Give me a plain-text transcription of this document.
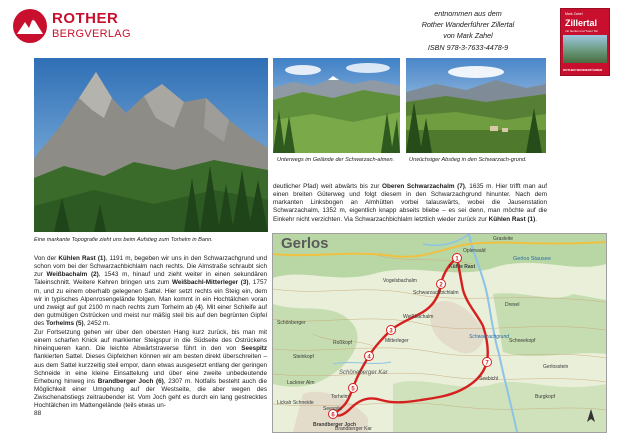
ROTHER
BERGVERLAG
entnommen aus dem
Rother Wanderführer Zillertal
von Mark Zahel
ISBN 978-3-7633-4478-9
Mark Zahel
Zillertal
mit Gerlos und Tuxer Tal
ROTHER WANDERFÜHRER
Unterwegs im Gelände der Schwarzach-almen.	Urwüchsiger Abstieg in den Schwarzach-grund.
deutlicher Pfad) weit abwärts bis zur Oberen Schwarzachalm (7), 1635 m. Hier trifft man auf einen breiten Güterweg und folgt diesem in den Schwarzachgrund hinunter. Nach dem markanten Linksbogen an Almhütten vorbei talauswärts, wobei die Jausenstation Schwarzachalm, 1352 m, eigentlich knapp abseits bliebe – es sei denn, man möchte auf die Einkehr nicht verzichten. Via Schwarzachbichlalm letztlich wieder zurück zur Kühlen Rast (1).
Eine markante Topografie zieht uns beim Aufstieg zum Torhelm in Bann.
Von der Kühlen Rast (1), 1191 m, begeben wir uns in den Schwarzachgrund und schon vorn bei der Schwarzachbichlalm nach rechts. Die Almstraße schraubt sich zur Weißbachalm (2), 1543 m, hinauf und zieht weiter in einen sekundären Taleinschnitt. Weitere Kehren bringen uns zum Weißbachl-Mitterleger (3), 1757 m, und zu einem oberhalb gelegenen Sattel. Hier setzt rechts ein Steig ein, dem wir in typisches Alpenrosengelände folgen. Man kommt in ein Hochtälchen voran und zweigt auf gut 2100 m nach rechts zum Torhelm ab (4). Mit einer Schleife auf den gutmütigen Ostrücken und meist nur mäßig steil bis auf den begrünten Gipfel des Torhelms (5), 2452 m.
Zur Fortsetzung gehen wir über den obersten Hang kurz zurück, bis man mit einem scharfen Knick auf markierter Steigspur in die Südseite des Ostrückens hineinqueren kann. Die leichte Abwärtstraverse führt in den von Seespitz flankierten Sattel. Dieses Gipfelchen können wir am besten direkt überschreiten – aus dem Sattel kurzzeitig steil empor, dann etwas ausgesetzt entlang der geringen Schneide in eine kleine Einsattelung und über eine zweite unbedeutende Erhebung hinweg ins Brandberger Joch (6), 2307 m. Notfalls besteht auch die Möglichkeit einer Umgehung auf der Westseite, die aber wegen des Zwischenabstiegs zeitraubender ist. Vom Joch geht es durch ein lang gestrecktes Hochtälchen im Mattengelände (teils etwas un-
88
1
2
3
4
5
6
7
Gerlos	Grasleite
Oplerwald
Gerlos Stausee
Vogelsbachalm
Kühle Rast
Schwarzachbichlalm
Mitterleger
Brandberger Joch
Torhelm
Seespitz
Schöneberger Kar
Weißbachalm
Roßkopf
Steinkopf
Schneekopf
Drexel
Seebichl
Gerlosstein
Schwarzachgrund
Burgkopf
Schönberger
Lackner Alm
Brandberger Kar
Lickalr Schneide
